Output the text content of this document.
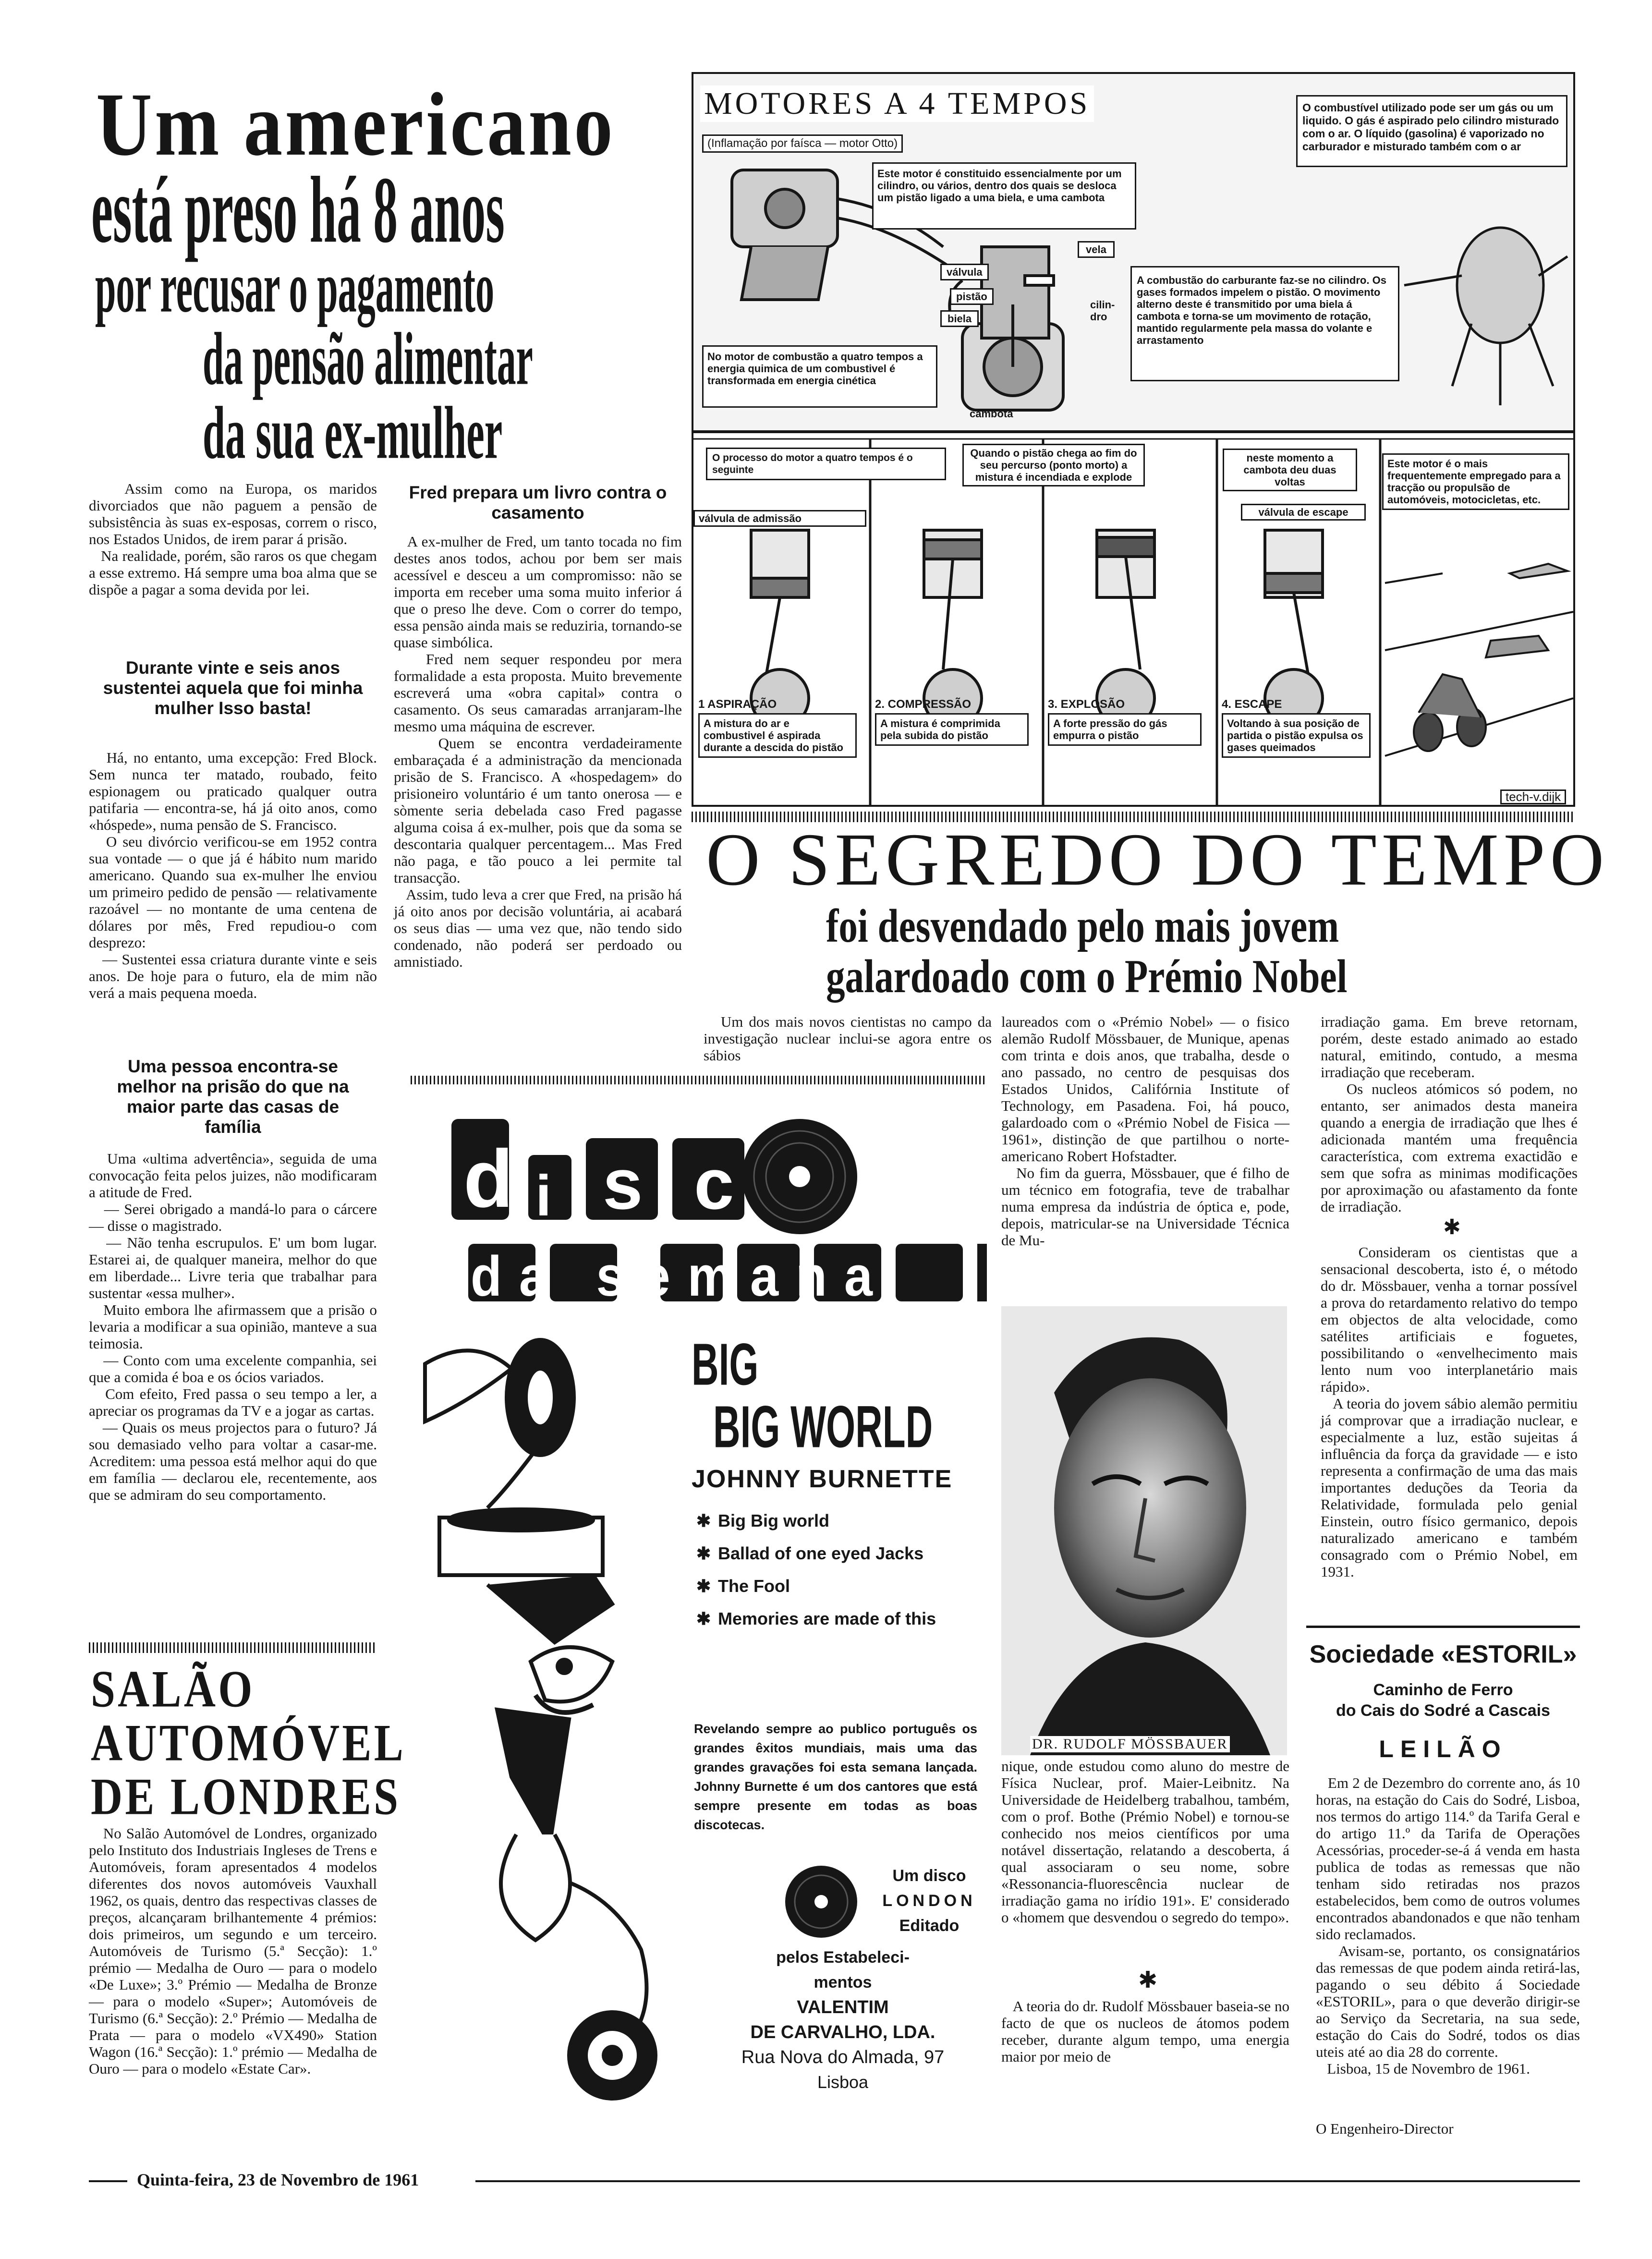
Um americano
está preso há 8 anos
por recusar o pagamento
da pensão alimentar
da sua ex-mulher
Assim como na Europa, os maridos divorciados que não paguem a pensão de subsistência às suas ex-esposas, correm o risco, nos Estados Unidos, de irem parar á prisão.
Na realidade, porém, são raros os que chegam a esse extremo. Há sempre uma boa alma que se dispõe a pagar a soma devida por lei.
Durante vinte e seis anos sustentei aquela que foi minha mulher Isso basta!
Há, no entanto, uma excepção: Fred Block. Sem nunca ter matado, roubado, feito espionagem ou praticado qualquer outra patifaria — encontra-se, há já oito anos, como «hóspede», numa pensão de S. Francisco.
O seu divórcio verificou-se em 1952 contra sua vontade — o que já é hábito num marido americano. Quando sua ex-mulher lhe enviou um primeiro pedido de pensão — relativamente razoável — no montante de uma centena de dólares por mês, Fred repudiou-o com desprezo:
— Sustentei essa criatura durante vinte e seis anos. De hoje para o futuro, ela de mim não verá a mais pequena moeda.
Uma pessoa encontra-se melhor na prisão do que na maior parte das casas de família
Uma «ultima advertência», seguida de uma convocação feita pelos juizes, não modificaram a atitude de Fred.
— Serei obrigado a mandá-lo para o cárcere — disse o magistrado.
— Não tenha escrupulos. E' um bom lugar. Estarei ai, de qualquer maneira, melhor do que em liberdade... Livre teria que trabalhar para sustentar «essa mulher».
Muito embora lhe afirmassem que a prisão o levaria a modificar a sua opinião, manteve a sua teimosia.
— Conto com uma excelente companhia, sei que a comida é boa e os ócios variados.
Com efeito, Fred passa o seu tempo a ler, a apreciar os programas da TV e a jogar as cartas.
— Quais os meus projectos para o futuro? Já sou demasiado velho para voltar a casar-me. Acreditem: uma pessoa está melhor aqui do que em família — declarou ele, recentemente, aos que se admiram do seu comportamento.
Fred prepara um livro contra o casamento
A ex-mulher de Fred, um tanto tocada no fim destes anos todos, achou por bem ser mais acessível e desceu a um compromisso: não se importa em receber uma soma muito inferior á que o preso lhe deve. Com o correr do tempo, essa pensão ainda mais se reduziria, tornando-se quase simbólica.
Fred nem sequer respondeu por mera formalidade a esta proposta. Muito brevemente escreverá uma «obra capital» contra o casamento. Os seus camaradas arranjaram-lhe mesmo uma máquina de escrever.
Quem se encontra verdadeiramente embaraçada é a administração da mencionada prisão de S. Francisco. A «hospedagem» do prisioneiro voluntário é um tanto onerosa — e sòmente seria debelada caso Fred pagasse alguma coisa á ex-mulher, pois que da soma se descontaria qualquer percentagem... Mas Fred não paga, e tão pouco a lei permite tal transacção.
Assim, tudo leva a crer que Fred, na prisão há já oito anos por decisão voluntária, ai acabará os seus dias — uma vez que, não tendo sido condenado, não poderá ser perdoado ou amnistiado.
SALÃO
AUTOMÓVEL
DE LONDRES
No Salão Automóvel de Londres, organizado pelo Instituto dos Industriais Ingleses de Trens e Automóveis, foram apresentados 4 modelos diferentes dos novos automóveis Vauxhall 1962, os quais, dentro das respectivas classes de preços, alcançaram brilhantemente 4 prémios: dois primeiros, um segundo e um terceiro. Automóveis de Turismo (5.ª Secção): 1.º prémio — Medalha de Ouro — para o modelo «De Luxe»; 3.º Prémio — Medalha de Bronze — para o modelo «Super»; Automóveis de Turismo (6.ª Secção): 2.º Prémio — Medalha de Prata — para o modelo «VX490» Station Wagon (16.ª Secção): 1.º prémio — Medalha de Ouro — para o modelo «Estate Car».
Quinta-feira, 23 de Novembro de 1961
MOTORES A 4 TEMPOS
(Inflamação por faísca — motor Otto)
O combustível utilizado pode ser um gás ou um liquido. O gás é aspirado pelo cilindro misturado com o ar. O líquido (gasolina) é vaporizado no carburador e misturado também com o ar
Este motor é constituido essencialmente por um cilindro, ou vários, dentro dos quais se desloca um pistão ligado a uma biela, e uma cambota
vela
válvula
pistão
biela
cilin-dro
A combustão do carburante faz-se no cilindro. Os gases formados impelem o pistão. O movimento alterno deste é transmitido por uma biela á cambota e torna-se um movimento de rotação, mantido regularmente pela massa do volante e arrastamento
No motor de combustão a quatro tempos a energia quimica de um combustivel é transformada em energia cinética
cambota
O processo do motor a quatro tempos é o seguinte
Quando o pistão chega ao fim do seu percurso (ponto morto) a mistura é incendiada e explode
neste momento a cambota deu duas voltas
Este motor é o mais frequentemente empregado para a tracção ou propulsão de automóveis, motocicletas, etc.
válvula de admissão
válvula de escape
1 ASPIRAÇÃO
A mistura do ar e combustivel é aspirada durante a descida do pistão
2. COMPRESSÃO
A mistura é comprimida pela subida do pistão
3. EXPLOSÃO
A forte pressão do gás empurra o pistão
4. ESCAPE
Voltando à sua posição de partida o pistão expulsa os gases queimados
tech-v.dijk
O SEGREDO DO TEMPO
foi desvendado pelo mais jovem
galardoado com o Prémio Nobel
Um dos mais novos cientistas no campo da investigação nuclear inclui-se agora entre os sábios
laureados com o «Prémio Nobel» — o fisico alemão Rudolf Mössbauer, de Munique, apenas com trinta e dois anos, que trabalha, desde o ano passado, no centro de pesquisas dos Estados Unidos, Califórnia Institute of Technology, em Pasadena. Foi, há pouco, galardoado com o «Prémio Nobel de Fisica — 1961», distinção de que partilhou o norte-americano Robert Hofstadter.
No fim da guerra, Mössbauer, que é filho de um técnico em fotografia, teve de trabalhar numa empresa da indústria de óptica e, pode, depois, matricular-se na Universidade Técnica de Mu-
DR. RUDOLF MÖSSBAUER
nique, onde estudou como aluno do mestre de Física Nuclear, prof. Maier-Leibnitz. Na Universidade de Heidelberg trabalhou, também, com o prof. Bothe (Prémio Nobel) e tornou-se conhecido nos meios científicos por uma notável dissertação, relatando a descoberta, á qual associaram o seu nome, sobre «Ressonancia-fluorescência nuclear de irradiação gama no irídio 191». E' considerado o «homem que desvendou o segredo do tempo».
✱
A teoria do dr. Rudolf Mössbauer baseia-se no facto de que os nucleos de átomos podem receber, durante algum tempo, uma energia maior por meio de
irradiação gama. Em breve retornam, porém, deste estado animado ao estado natural, emitindo, contudo, a mesma irradiação que receberam.
Os nucleos atómicos só podem, no entanto, ser animados desta maneira quando a energia de irradiação que lhes é adicionada mantém uma frequência característica, com extrema exactidão e sem que sofra as minimas modificações por aproximação ou afastamento da fonte de irradiação.
✱
Consideram os cientistas que a sensacional descoberta, isto é, o método do dr. Mössbauer, venha a tornar possível a prova do retardamento relativo do tempo em objectos de alta velocidade, como satélites artificiais e foguetes, possibilitando o «envelhecimento mais lento num voo interplanetário mais rápido».
A teoria do jovem sábio alemão permitiu já comprovar que a irradiação nuclear, e especialmente a luz, estão sujeitas á influência da força da gravidade — e isto representa a confirmação de uma das mais importantes deduções da Teoria da Relatividade, formulada pelo genial Einstein, outro físico germanico, depois naturalizado americano e também consagrado com o Prémio Nobel, em 1931.
Sociedade «ESTORIL»
Caminho de Ferro
do Cais do Sodré a Cascais
LEILÃO
Em 2 de Dezembro do corrente ano, ás 10 horas, na estação do Cais do Sodré, Lisboa, nos termos do artigo 114.º da Tarifa Geral e do artigo 11.º da Tarifa de Operações Acessórias, proceder-se-á á venda em hasta publica de todas as remessas que não tenham sido retiradas nos prazos estabelecidos, bem como de outros volumes encontrados abandonados e que não tenham sido reclamados.
Avisam-se, portanto, os consignatários das remessas de que podem ainda retirá-las, pagando o seu débito á Sociedade «ESTORIL», para o que deverão dirigir-se ao Serviço da Secretaria, na sua sede, estação do Cais do Sodré, todos os dias uteis até ao dia 28 do corrente.
Lisboa, 15 de Novembro de 1961.
O Engenheiro-Director
d i s c
da semana
BIG
BIG WORLD
JOHNNY BURNETTE
✱ Big Big world
✱ Ballad of one eyed Jacks
✱ The Fool
✱ Memories are made of this
Revelando sempre ao publico português os grandes êxitos mundiais, mais uma das grandes gravações foi esta semana lançada. Johnny Burnette é um dos cantores que está sempre presente em todas as boas discotecas.
Um disco
LONDON
Editado
pelos Estabeleci-
mentos
VALENTIM
DE CARVALHO, LDA.
Rua Nova do Almada, 97
Lisboa
